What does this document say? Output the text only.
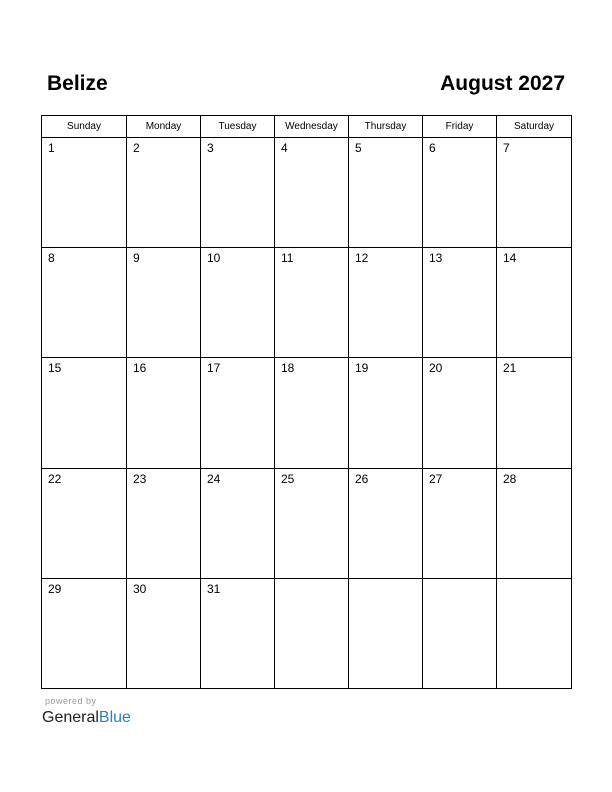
Belize	August 2027
Sunday	Monday	Tuesday	Wednesday	Thursday	Friday	Saturday

1	2	3	4	5	6	7

8	9	10	11	12	13	14

15	16	17	18	19	20	21

22	23	24	25	26	27	28

29	30	31				

powered by
GeneralBlue
